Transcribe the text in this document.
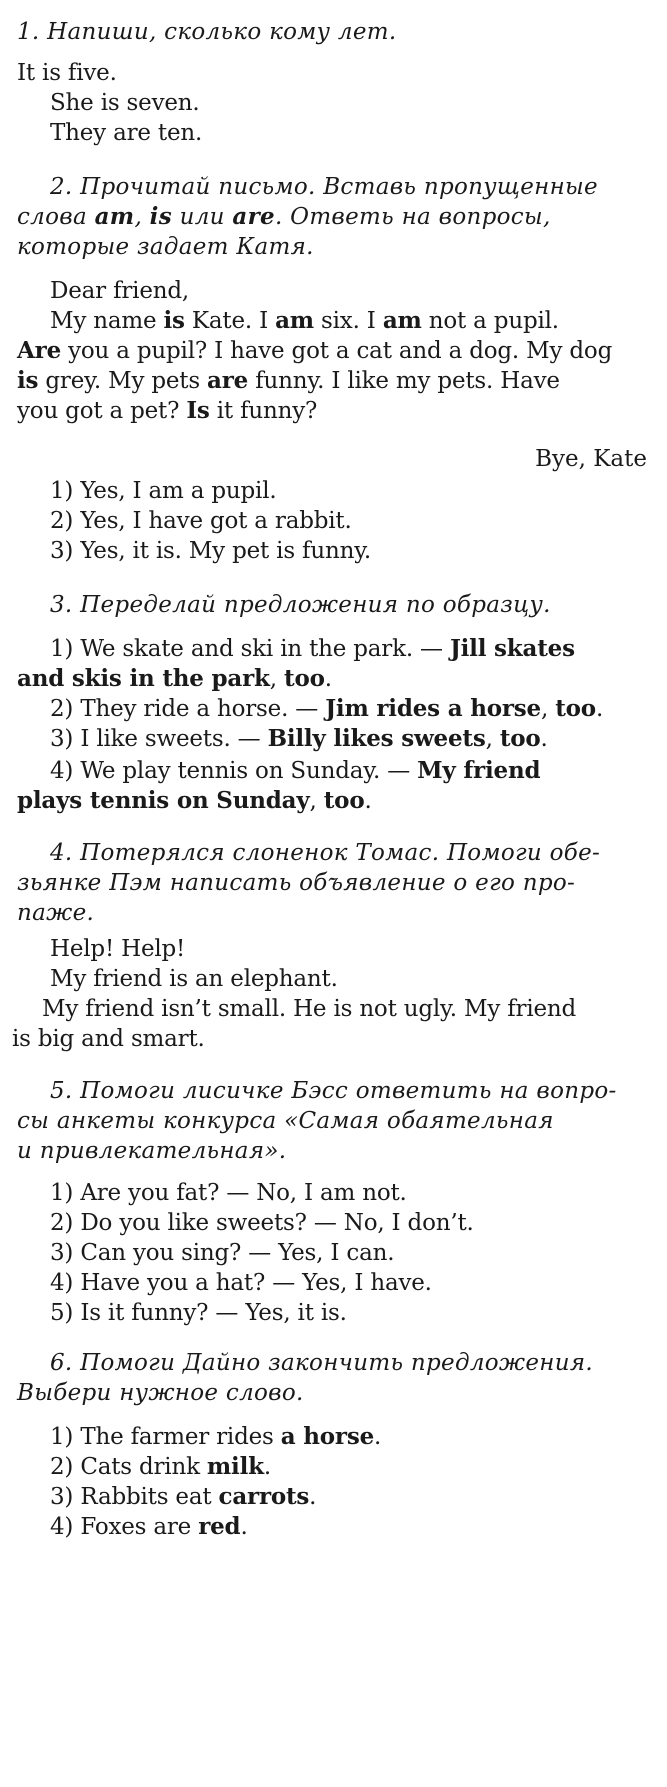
1. Напиши, сколько кому лет.
It is five.
She is seven.
They are ten.
2. Прочитай письмо. Вставь пропущенные
слова am, is или are. Ответь на вопросы,
которые задает Катя.
Dear friend,
My name is Kate. I am six. I am not a pupil.
Are you a pupil? I have got a cat and a dog. My dog
is grey. My pets are funny. I like my pets. Have
you got a pet? Is it funny?
Bye, Kate
1) Yes, I am a pupil.
2) Yes, I have got a rabbit.
3) Yes, it is. My pet is funny.
3. Переделай предложения по образцу.
1) We skate and ski in the park. — Jill skates
and skis in the park, too.
2) They ride a horse. — Jim rides a horse, too.
3) I like sweets. — Billy likes sweets, too.
4) We play tennis on Sunday. — My friend
plays tennis on Sunday, too.
4. Потерялся слоненок Томас. Помоги обе-
зьянке Пэм написать объявление о его про-
паже.
Help! Help!
My friend is an elephant.
My friend isn’t small. He is not ugly. My friend
is big and smart.
5. Помоги лисичке Бэсс ответить на вопро-
сы анкеты конкурса «Самая обаятельная
и привлекательная».
1) Are you fat? — No, I am not.
2) Do you like sweets? — No, I don’t.
3) Can you sing? — Yes, I can.
4) Have you a hat? — Yes, I have.
5) Is it funny? — Yes, it is.
6. Помоги Дайно закончить предложения.
Выбери нужное слово.
1) The farmer rides a horse.
2) Cats drink milk.
3) Rabbits eat carrots.
4) Foxes are red.
